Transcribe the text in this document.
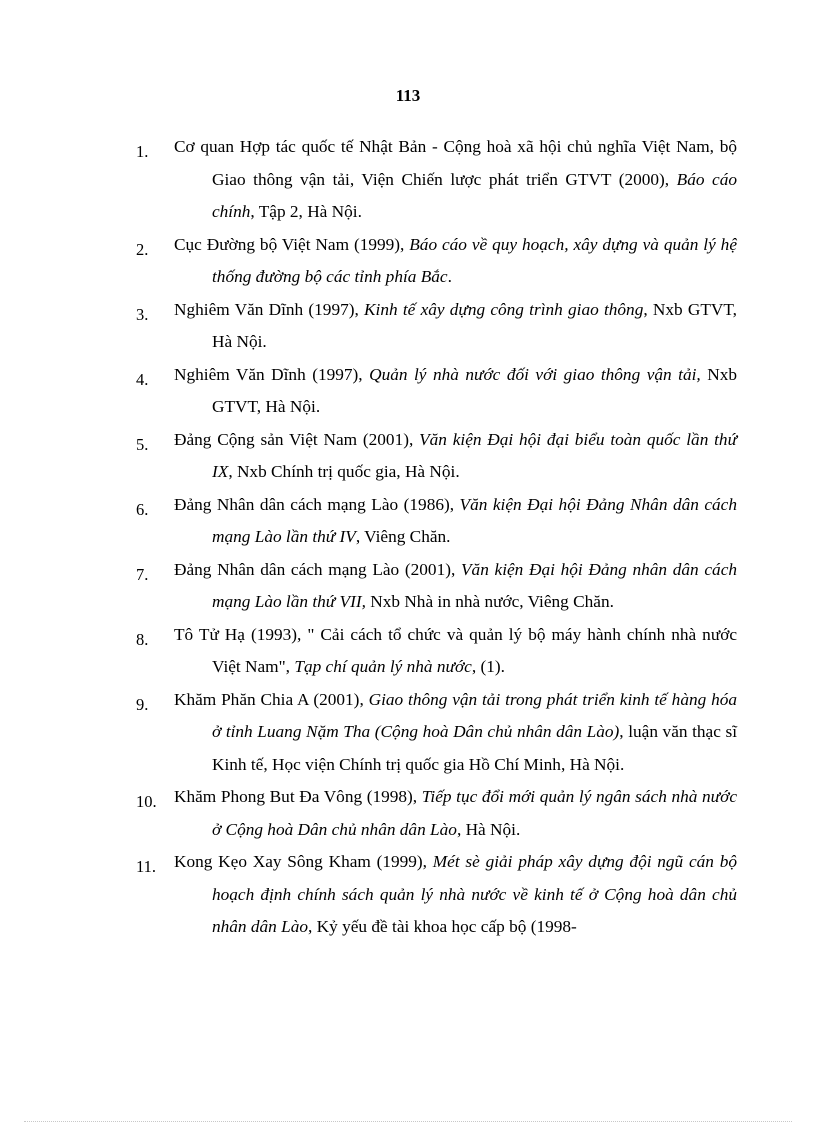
113
1. Cơ quan Hợp tác quốc tế Nhật Bản - Cộng hoà xã hội chủ nghĩa Việt Nam, bộ Giao thông vận tải, Viện Chiến lược phát triển GTVT (2000), Báo cáo chính, Tập 2, Hà Nội.
2. Cục Đường bộ Việt Nam (1999), Báo cáo về quy hoạch, xây dựng và quản lý hệ thống đường bộ các tỉnh phía Bắc.
3. Nghiêm Văn Dĩnh (1997), Kinh tế xây dựng công trình giao thông, Nxb GTVT, Hà Nội.
4. Nghiêm Văn Dĩnh (1997), Quản lý nhà nước đối với giao thông vận tải, Nxb GTVT, Hà Nội.
5. Đảng Cộng sản Việt Nam (2001), Văn kiện Đại hội đại biểu toàn quốc lần thứ IX, Nxb Chính trị quốc gia, Hà Nội.
6. Đảng Nhân dân cách mạng Lào (1986), Văn kiện Đại hội Đảng Nhân dân cách mạng Lào lần thứ IV, Viêng Chăn.
7. Đảng Nhân dân cách mạng Lào (2001), Văn kiện Đại hội Đảng nhân dân cách mạng Lào lần thứ VII, Nxb Nhà in nhà nước, Viêng Chăn.
8. Tô Tử Hạ (1993), " Cải cách tổ chức và quản lý bộ máy hành chính nhà nước Việt Nam", Tạp chí quản lý nhà nước, (1).
9. Khăm Phăn Chia A (2001), Giao thông vận tải trong phát triển kinh tế hàng hóa ở tỉnh Luang Nặm Tha (Cộng hoà Dân chủ nhân dân Lào), luận văn thạc sĩ Kinh tế, Học viện Chính trị quốc gia Hồ Chí Minh, Hà Nội.
10. Khăm Phong But Đa Vông (1998), Tiếp tục đổi mới quản lý ngân sách nhà nước ở Cộng hoà Dân chủ nhân dân Lào, Hà Nội.
11. Kong Kẹo Xay Sông Kham (1999), Mét sè giải pháp xây dựng đội ngũ cán bộ hoạch định chính sách quản lý nhà nước về kinh tế ở Cộng hoà dân chủ nhân dân Lào, Kỷ yếu đề tài khoa học cấp bộ (1998-
